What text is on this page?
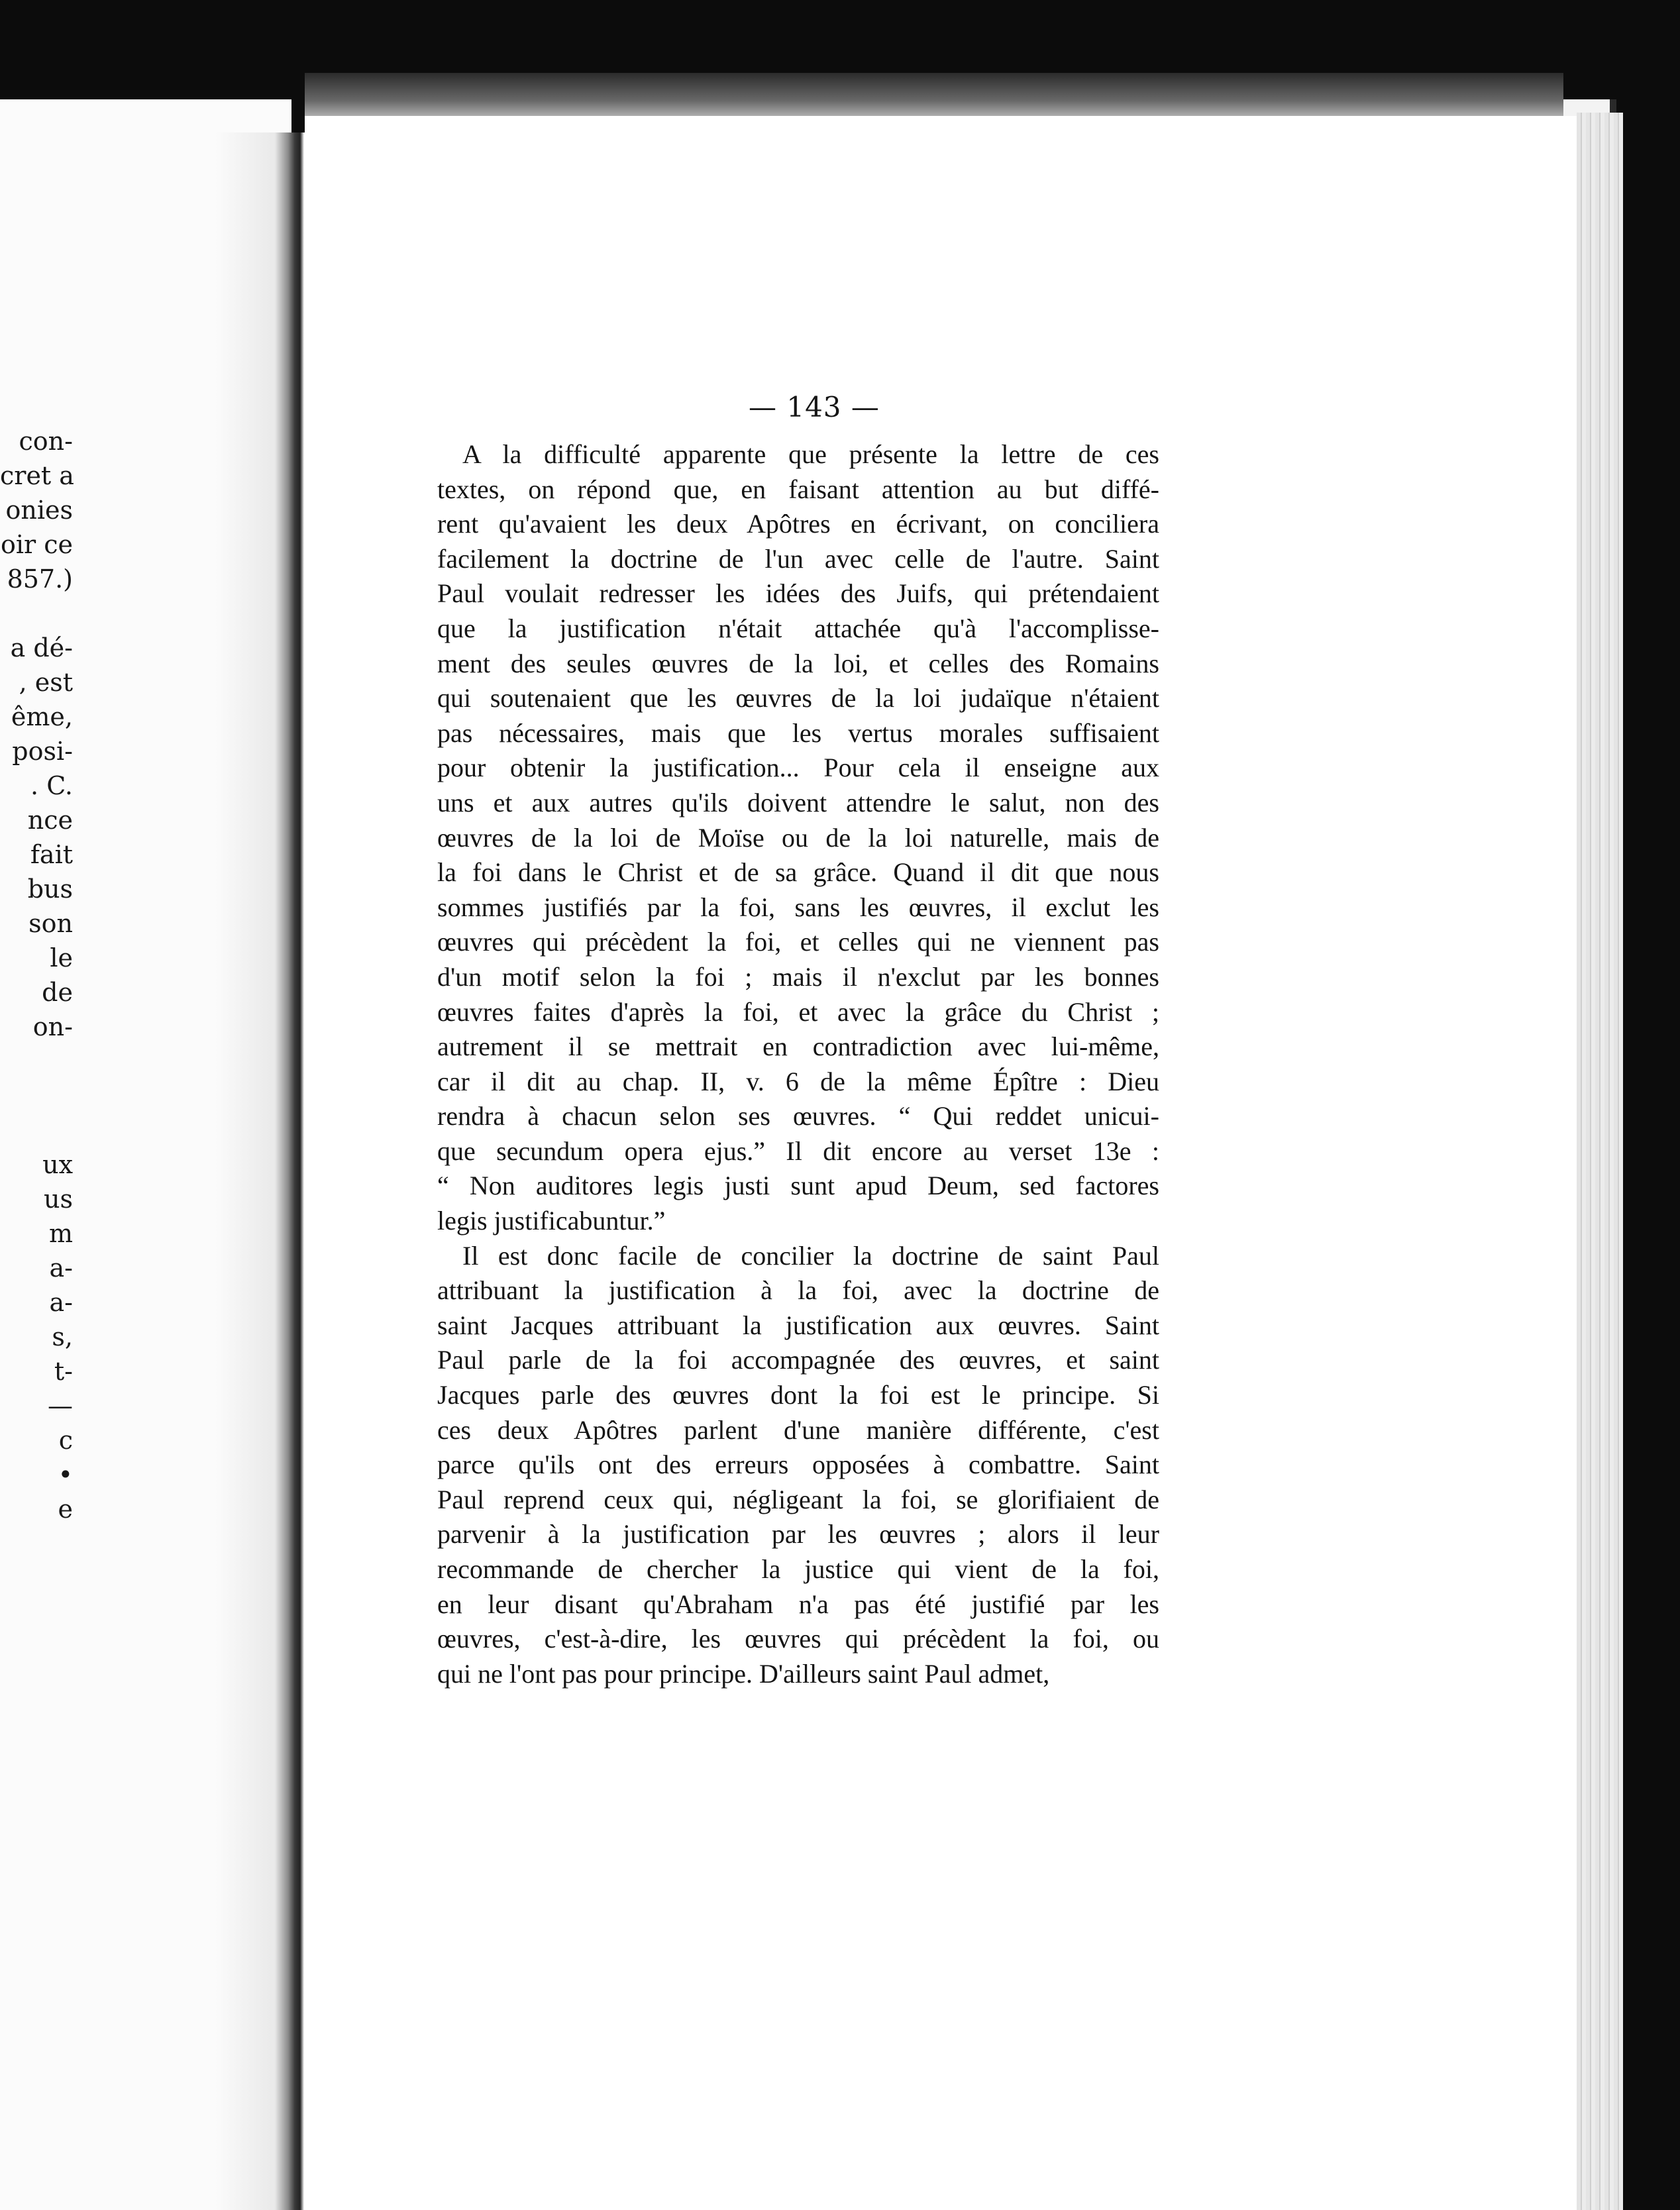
con-
cret a
onies
oir ce
857.)
a dé-
, est
ême,
posi-
. C.
nce
fait
bus
son
le
de
on-
ux
us
m
a-
a-
s,
t-
—
c
•
e
— 143 —
A la difficulté apparente que présente la lettre de ces
textes, on répond que, en faisant attention au but diffé-
rent qu'avaient les deux Apôtres en écrivant, on conciliera
facilement la doctrine de l'un avec celle de l'autre. Saint
Paul voulait redresser les idées des Juifs, qui prétendaient
que la justification n'était attachée qu'à l'accomplisse-
ment des seules œuvres de la loi, et celles des Romains
qui soutenaient que les œuvres de la loi judaïque n'étaient
pas nécessaires, mais que les vertus morales suffisaient
pour obtenir la justification... Pour cela il enseigne aux
uns et aux autres qu'ils doivent attendre le salut, non des
œuvres de la loi de Moïse ou de la loi naturelle, mais de
la foi dans le Christ et de sa grâce. Quand il dit que nous
sommes justifiés par la foi, sans les œuvres, il exclut les
œuvres qui précèdent la foi, et celles qui ne viennent pas
d'un motif selon la foi ; mais il n'exclut par les bonnes
œuvres faites d'après la foi, et avec la grâce du Christ ;
autrement il se mettrait en contradiction avec lui-même,
car il dit au chap. II, v. 6 de la même Épître : Dieu
rendra à chacun selon ses œuvres. “ Qui reddet unicui-
que secundum opera ejus.” Il dit encore au verset 13e :
“ Non auditores legis justi sunt apud Deum, sed factores
legis justificabuntur.”
Il est donc facile de concilier la doctrine de saint Paul
attribuant la justification à la foi, avec la doctrine de
saint Jacques attribuant la justification aux œuvres. Saint
Paul parle de la foi accompagnée des œuvres, et saint
Jacques parle des œuvres dont la foi est le principe. Si
ces deux Apôtres parlent d'une manière différente, c'est
parce qu'ils ont des erreurs opposées à combattre. Saint
Paul reprend ceux qui, négligeant la foi, se glorifiaient de
parvenir à la justification par les œuvres ; alors il leur
recommande de chercher la justice qui vient de la foi,
en leur disant qu'Abraham n'a pas été justifié par les
œuvres, c'est-à-dire, les œuvres qui précèdent la foi, ou
qui ne l'ont pas pour principe. D'ailleurs saint Paul admet,
